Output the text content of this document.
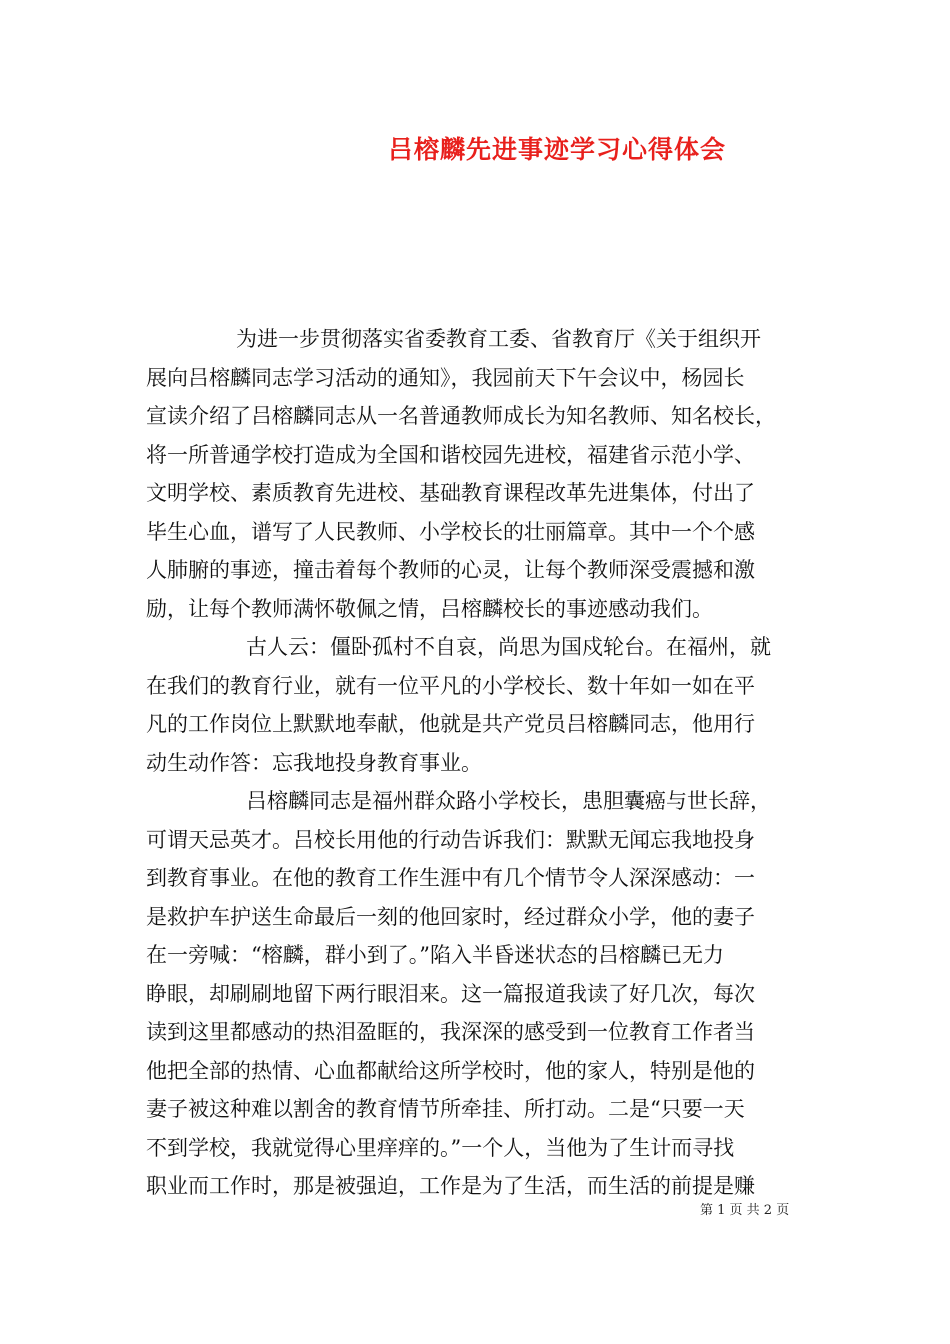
吕榕麟先进事迹学习心得体会

为进一步贯彻落实省委教育工委、省教育厅《关于组织开
展向吕榕麟同志学习活动的通知》，我园前天下午会议中，杨园长
宣读介绍了吕榕麟同志从一名普通教师成长为知名教师、知名校长，
将一所普通学校打造成为全国和谐校园先进校，福建省示范小学、
文明学校、素质教育先进校、基础教育课程改革先进集体，付出了
毕生心血，谱写了人民教师、小学校长的壮丽篇章。其中一个个感
人肺腑的事迹，撞击着每个教师的心灵，让每个教师深受震撼和激
励，让每个教师满怀敬佩之情，吕榕麟校长的事迹感动我们。

古人云：僵卧孤村不自哀，尚思为国戍轮台。在福州，就
在我们的教育行业，就有一位平凡的小学校长、数十年如一如在平
凡的工作岗位上默默地奉献，他就是共产党员吕榕麟同志，他用行
动生动作答：忘我地投身教育事业。

吕榕麟同志是福州群众路小学校长，患胆囊癌与世长辞，
可谓天忌英才。吕校长用他的行动告诉我们：默默无闻忘我地投身
到教育事业。在他的教育工作生涯中有几个情节令人深深感动：一
是救护车护送生命最后一刻的他回家时，经过群众小学，他的妻子
在一旁喊：“榕麟，群小到了。”陷入半昏迷状态的吕榕麟已无力
睁眼，却刷刷地留下两行眼泪来。这一篇报道我读了好几次，每次
读到这里都感动的热泪盈眶的，我深深的感受到一位教育工作者当
他把全部的热情、心血都献给这所学校时，他的家人，特别是他的
妻子被这种难以割舍的教育情节所牵挂、所打动。二是“只要一天
不到学校，我就觉得心里痒痒的。”一个人，当他为了生计而寻找
职业而工作时，那是被强迫，工作是为了生活，而生活的前提是赚

第 1 页 共 2 页
